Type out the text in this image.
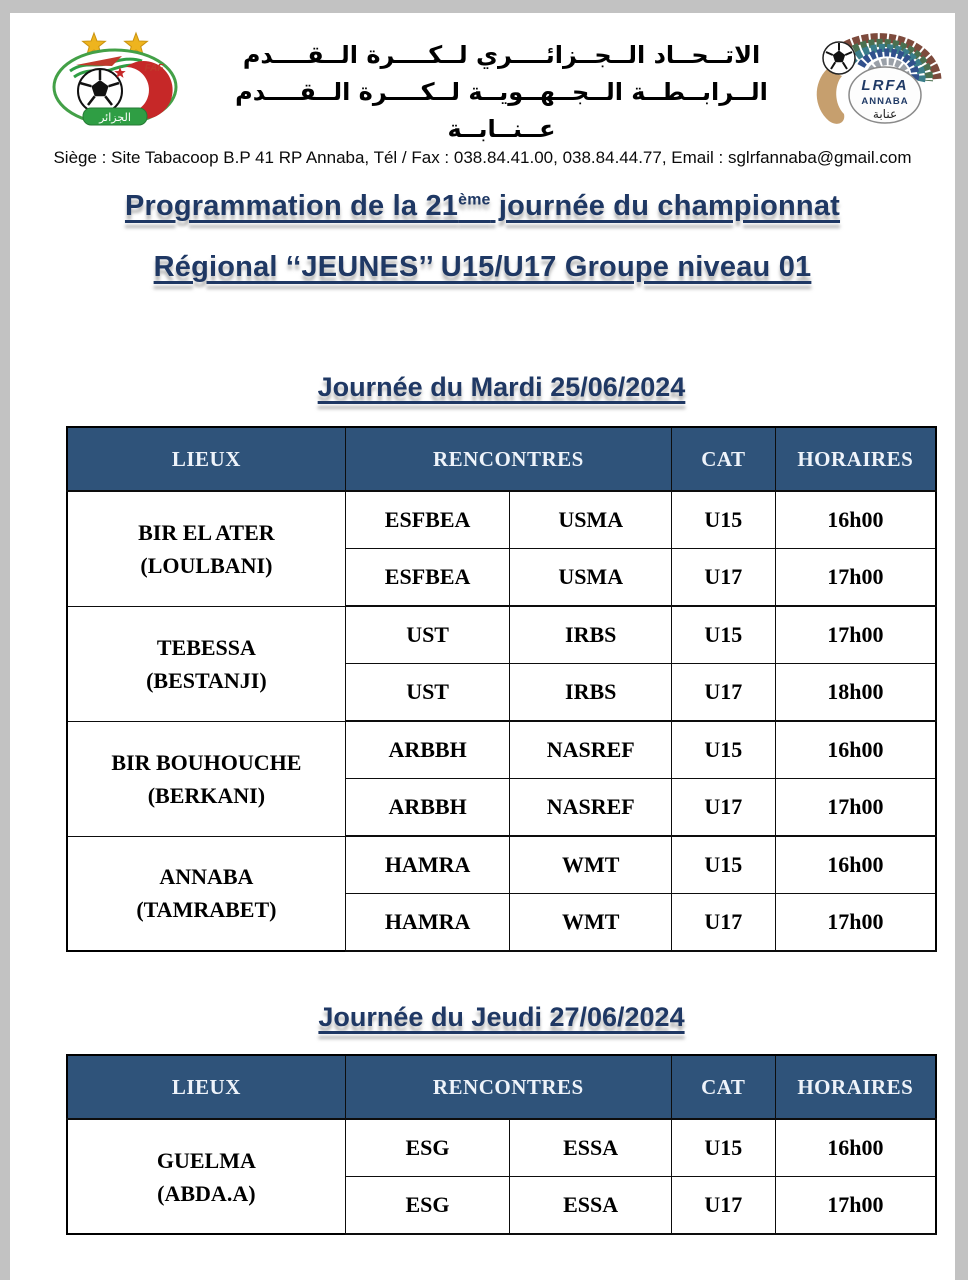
FAF
الجزائر
الاتــحــاد الــجــزائــــري لــكــــرة الــقــــدم
الــرابــطــة الــجــهــويــة لــكــــرة الــقــــدم عــنــابــة
LRFA
ANNABA
عنابة
Siège : Site Tabacoop B.P 41 RP Annaba, Tél / Fax : 038.84.41.00, 038.84.44.77, Email : sglrfannaba@gmail.com
Programmation de la 21ème journée du championnat
Régional ‘‘JEUNES’’ U15/U17 Groupe niveau 01
Journée du Mardi 25/06/2024
LIEUX	RENCONTRES		CAT	HORAIRES

BIR EL ATER
(LOULBANI)	ESFBEA	USMA	U15	16h00
	ESFBEA	USMA	U17	17h00

TEBESSA
(BESTANJI)	UST	IRBS	U15	17h00
	UST	IRBS	U17	18h00

BIR BOUHOUCHE
(BERKANI)	ARBBH	NASREF	U15	16h00
	ARBBH	NASREF	U17	17h00

ANNABA
(TAMRABET)	HAMRA	WMT	U15	16h00
	HAMRA	WMT	U17	17h00
Journée du Jeudi 27/06/2024
LIEUX	RENCONTRES		CAT	HORAIRES

GUELMA
(ABDA.A)	ESG	ESSA	U15	16h00
	ESG	ESSA	U17	17h00
